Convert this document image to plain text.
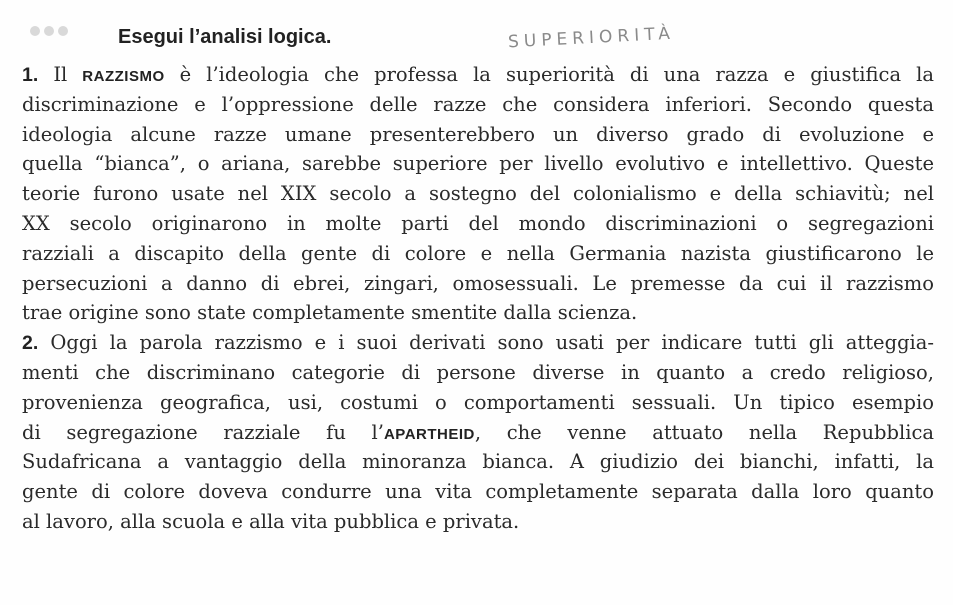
Esegui l’analisi logica.	SUPERIORITÀ
1. Il RAZZISMO è l’ideologia che professa la superiorità di una razza e giustifica la
discriminazione e l’oppressione delle razze che considera inferiori. Secondo questa
ideologia alcune razze umane presenterebbero un diverso grado di evoluzione e
quella “bianca”, o ariana, sarebbe superiore per livello evolutivo e intellettivo. Queste
teorie furono usate nel XIX secolo a sostegno del colonialismo e della schiavitù; nel
XX secolo originarono in molte parti del mondo discriminazioni o segregazioni
razziali a discapito della gente di colore e nella Germania nazista giustificarono le
persecuzioni a danno di ebrei, zingari, omosessuali. Le premesse da cui il razzismo
trae origine sono state completamente smentite dalla scienza.
2. Oggi la parola razzismo e i suoi derivati sono usati per indicare tutti gli atteggia-
menti che discriminano categorie di persone diverse in quanto a credo religioso,
provenienza geografica, usi, costumi o comportamenti sessuali. Un tipico esempio
di segregazione razziale fu l’APARTHEID, che venne attuato nella Repubblica
Sudafricana a vantaggio della minoranza bianca. A giudizio dei bianchi, infatti, la
gente di colore doveva condurre una vita completamente separata dalla loro quanto
al lavoro, alla scuola e alla vita pubblica e privata.
